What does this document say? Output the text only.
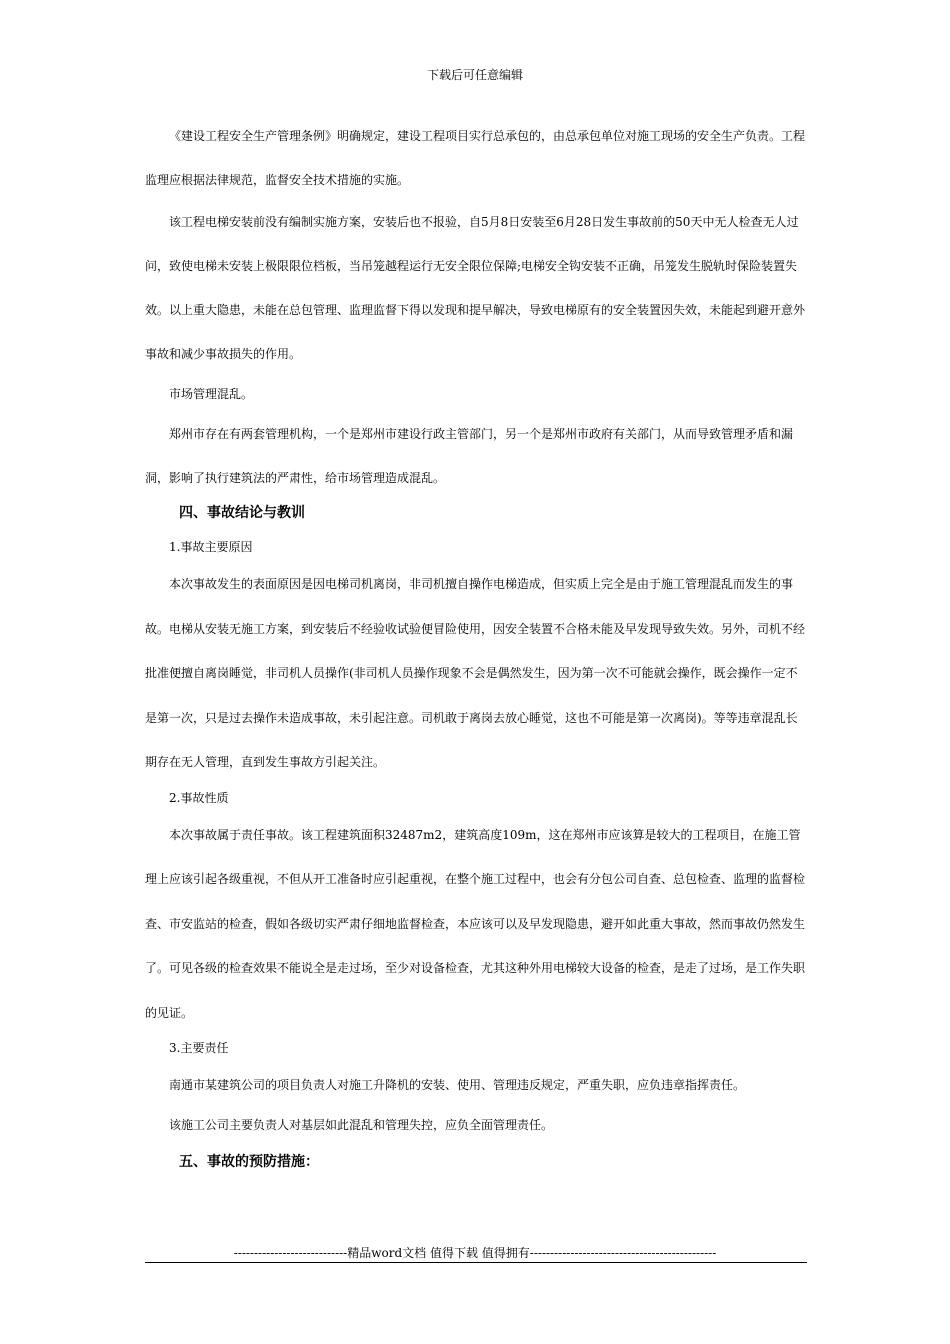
下载后可任意编辑

《建设工程安全生产管理条例》明确规定，建设工程项目实行总承包的，由总承包单位对施工现场的安全生产负责。工程监理应根据法律规范，监督安全技术措施的实施。

该工程电梯安装前没有编制实施方案，安装后也不报验，自5月8日安装至6月28日发生事故前的50天中无人检查无人过问，致使电梯未安装上极限限位档板，当吊笼越程运行无安全限位保障;电梯安全钩安装不正确，吊笼发生脱轨时保险装置失效。以上重大隐患，未能在总包管理、监理监督下得以发现和提早解决，导致电梯原有的安全装置因失效，未能起到避开意外事故和减少事故损失的作用。

市场管理混乱。

郑州市存在有两套管理机构，一个是郑州市建设行政主管部门，另一个是郑州市政府有关部门，从而导致管理矛盾和漏洞，影响了执行建筑法的严肃性，给市场管理造成混乱。

四、事故结论与教训

1.事故主要原因

本次事故发生的表面原因是因电梯司机离岗，非司机擅自操作电梯造成，但实质上完全是由于施工管理混乱而发生的事故。电梯从安装无施工方案，到安装后不经验收试验便冒险使用，因安全装置不合格未能及早发现导致失效。另外，司机不经批准便擅自离岗睡觉，非司机人员操作(非司机人员操作现象不会是偶然发生，因为第一次不可能就会操作，既会操作一定不是第一次，只是过去操作未造成事故，未引起注意。司机敢于离岗去放心睡觉，这也不可能是第一次离岗)。等等违章混乱长期存在无人管理，直到发生事故方引起关注。

2.事故性质

本次事故属于责任事故。该工程建筑面积32487m2，建筑高度109m，这在郑州市应该算是较大的工程项目，在施工管理上应该引起各级重视，不但从开工准备时应引起重视，在整个施工过程中，也会有分包公司自查、总包检查、监理的监督检查、市安监站的检查，假如各级切实严肃仔细地监督检查，本应该可以及早发现隐患，避开如此重大事故，然而事故仍然发生了。可见各级的检查效果不能说全是走过场，至少对设备检查，尤其这种外用电梯较大设备的检查，是走了过场，是工作失职的见证。

3.主要责任

南通市某建筑公司的项目负责人对施工升降机的安装、使用、管理违反规定，严重失职，应负违章指挥责任。

该施工公司主要负责人对基层如此混乱和管理失控，应负全面管理责任。

五、事故的预防措施：
----------------------------精品word文档 值得下载 值得拥有----------------------------------------------
